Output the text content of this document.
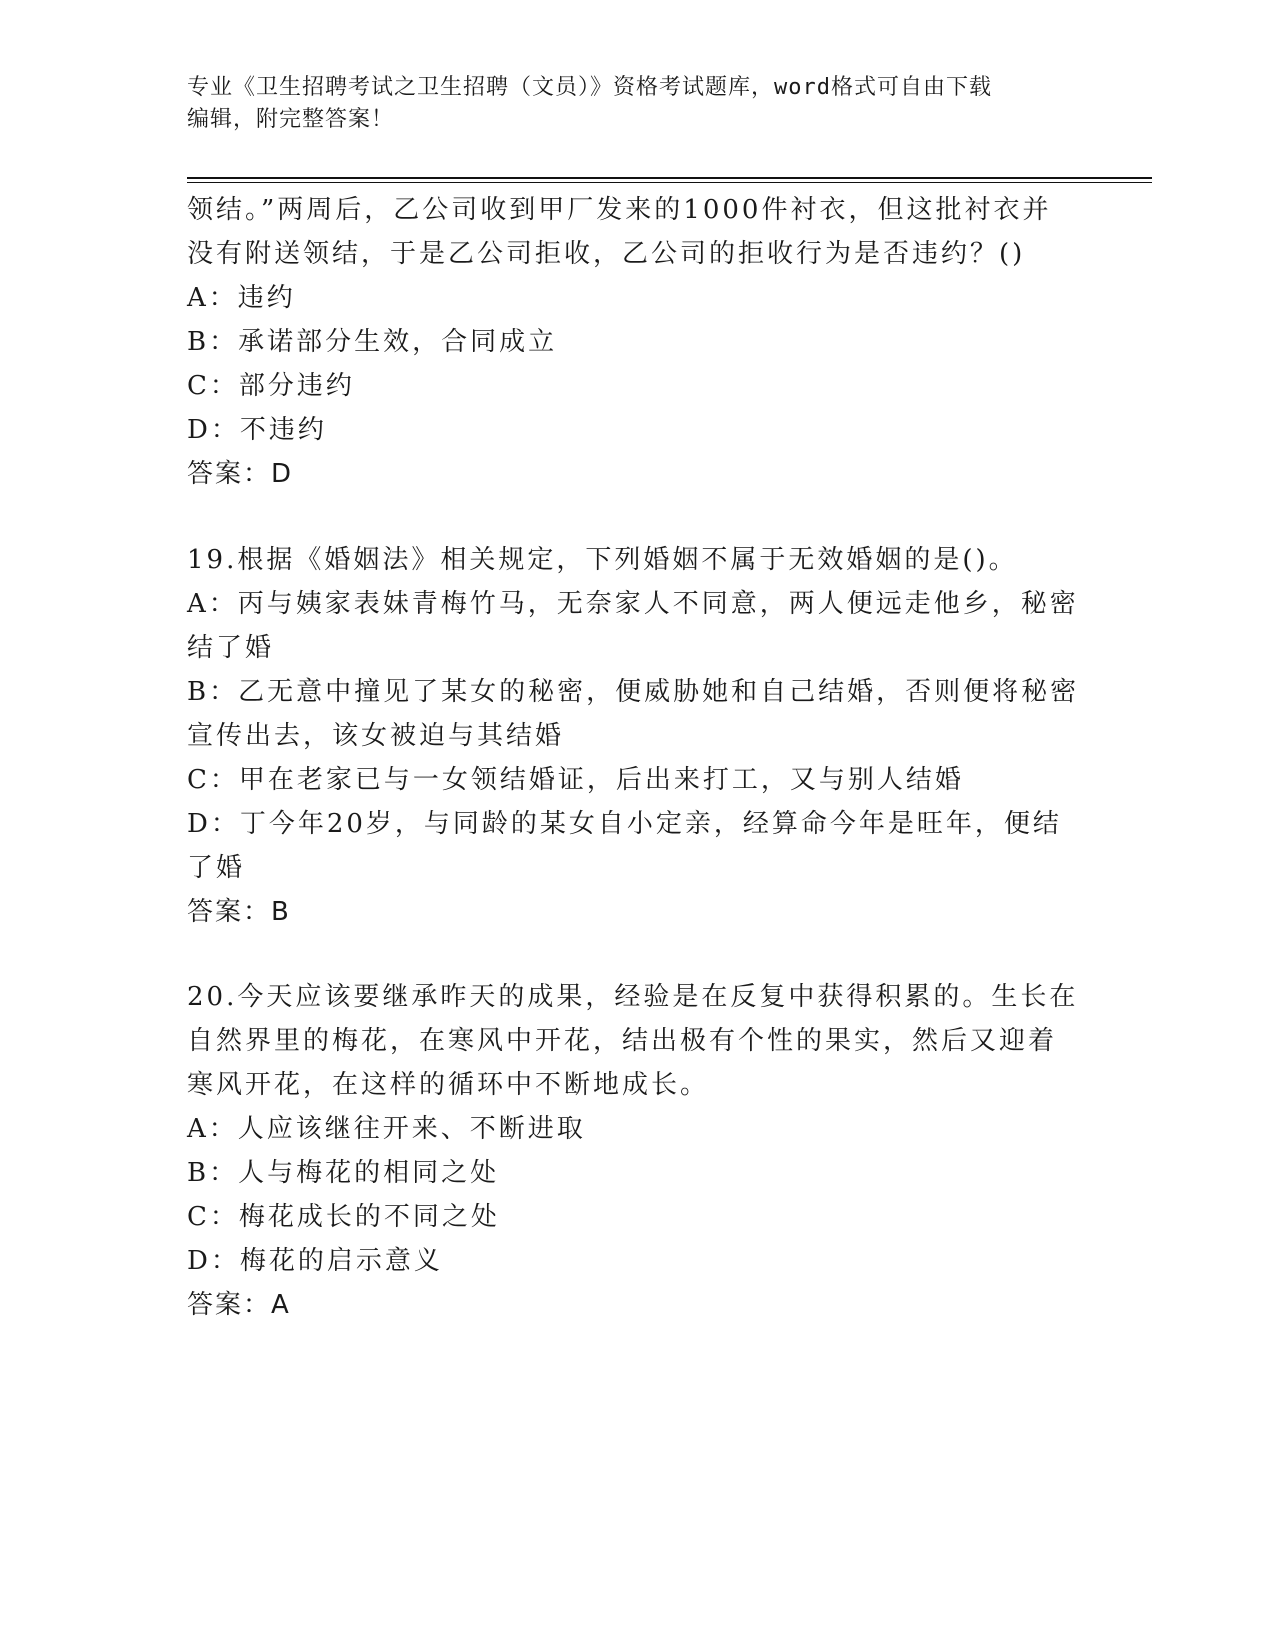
专业《卫生招聘考试之卫生招聘（文员）》资格考试题库，word格式可自由下载
编辑，附完整答案！
领结。”两周后，乙公司收到甲厂发来的1000件衬衣，但这批衬衣并
没有附送领结，于是乙公司拒收，乙公司的拒收行为是否违约？()
A：违约
B：承诺部分生效，合同成立
C：部分违约
D：不违约
答案：D
19.根据《婚姻法》相关规定，下列婚姻不属于无效婚姻的是()。
A：丙与姨家表妹青梅竹马，无奈家人不同意，两人便远走他乡，秘密
结了婚
B：乙无意中撞见了某女的秘密，便威胁她和自己结婚，否则便将秘密
宣传出去，该女被迫与其结婚
C：甲在老家已与一女领结婚证，后出来打工，又与别人结婚
D：丁今年20岁，与同龄的某女自小定亲，经算命今年是旺年，便结
了婚
答案：B
20.今天应该要继承昨天的成果，经验是在反复中获得积累的。生长在
自然界里的梅花，在寒风中开花，结出极有个性的果实，然后又迎着
寒风开花，在这样的循环中不断地成长。
A：人应该继往开来、不断进取
B：人与梅花的相同之处
C：梅花成长的不同之处
D：梅花的启示意义
答案：A
